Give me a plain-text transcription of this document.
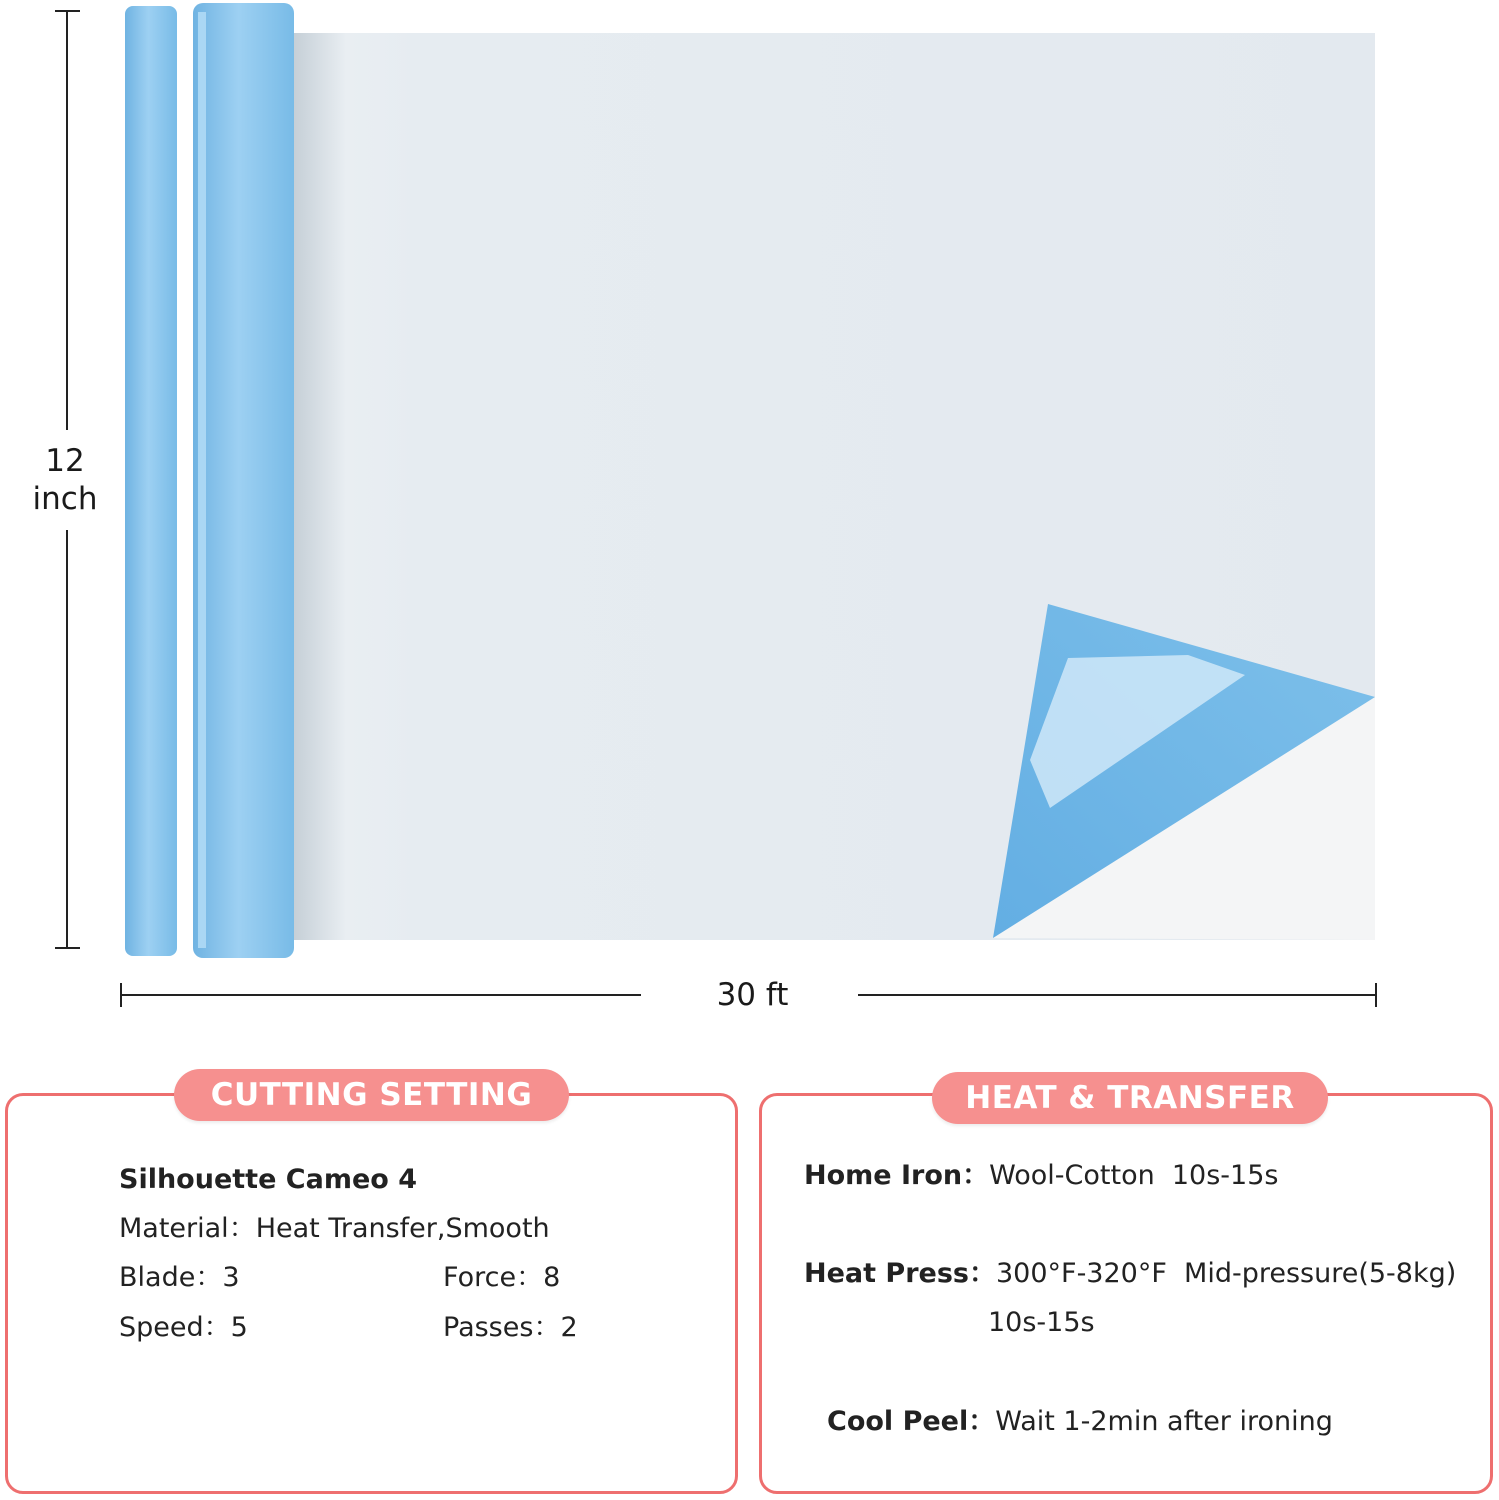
12
inch
30 ft
CUTTING SETTING
Silhouette Cameo 4
Material ： Heat Transfer,Smooth
Blade ： 3	Force ： 8
Speed ： 5	Passes ： 2
HEAT & TRANSFER
Home Iron ： Wool-Cotton  10s-15s
Heat Press ： 300°F-320°F  Mid-pressure(5-8kg)
10s-15s
Cool Peel ： Wait 1-2min after ironing
